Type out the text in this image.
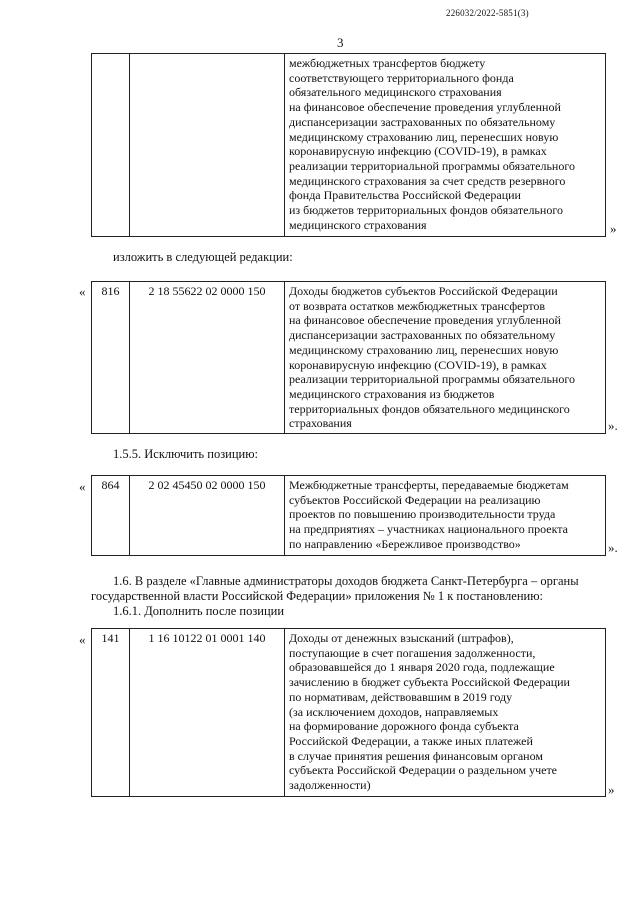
226032/2022-5851(3)
3

межбюджетных трансфертов бюджету
соответствующего территориального фонда
обязательного медицинского страхования
на финансовое обеспечение проведения углубленной
диспансеризации застрахованных по обязательному
медицинскому страхованию лиц, перенесших новую
коронавирусную инфекцию (COVID-19), в рамках
реализации территориальной программы обязательного
медицинского страхования за счет средств резервного
фонда Правительства Российской Федерации
из бюджетов территориальных фондов обязательного
медицинского страхования	»
изложить в следующей редакции:
« 816	2 18 55622 02 0000 150	Доходы бюджетов субъектов Российской Федерации
от возврата остатков межбюджетных трансфертов
на финансовое обеспечение проведения углубленной
диспансеризации застрахованных по обязательному
медицинскому страхованию лиц, перенесших новую
коронавирусную инфекцию (COVID-19), в рамках
реализации территориальной программы обязательного
медицинского страхования из бюджетов
территориальных фондов обязательного медицинского
страхования	».
1.5.5. Исключить позицию:
« 864	2 02 45450 02 0000 150	Межбюджетные трансферты, передаваемые бюджетам
субъектов Российской Федерации на реализацию
проектов по повышению производительности труда
на предприятиях – участниках национального проекта
по направлению «Бережливое производство»	».
1.6. В разделе «Главные администраторы доходов бюджета Санкт-Петербурга – органы
государственной власти Российской Федерации» приложения № 1 к постановлению:
1.6.1. Дополнить после позиции
« 141	1 16 10122 01 0001 140	Доходы от денежных взысканий (штрафов),
поступающие в счет погашения задолженности,
образовавшейся до 1 января 2020 года, подлежащие
зачислению в бюджет субъекта Российской Федерации
по нормативам, действовавшим в 2019 году
(за исключением доходов, направляемых
на формирование дорожного фонда субъекта
Российской Федерации, а также иных платежей
в случае принятия решения финансовым органом
субъекта Российской Федерации о раздельном учете
задолженности)	»
